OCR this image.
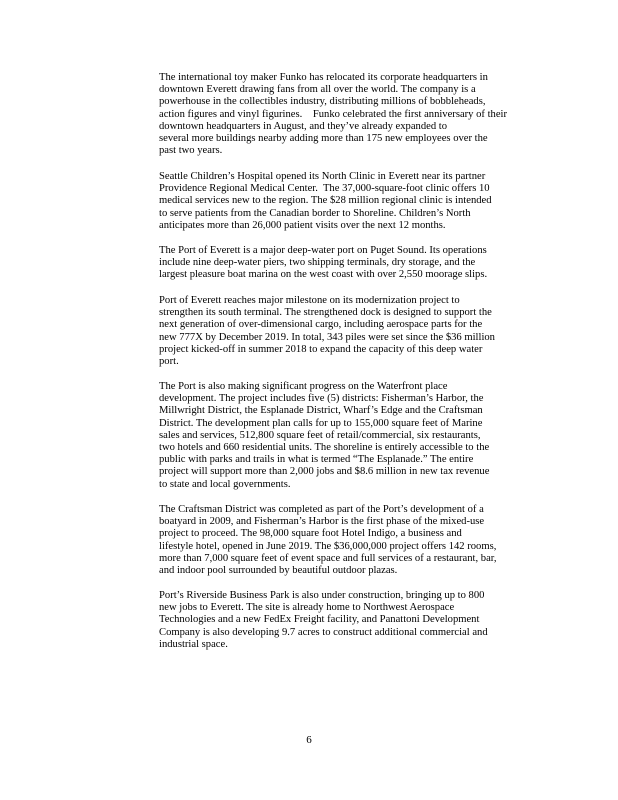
The international toy maker Funko has relocated its corporate headquarters in
downtown Everett drawing fans from all over the world. The company is a
powerhouse in the collectibles industry, distributing millions of bobbleheads,
action figures and vinyl figurines.    Funko celebrated the first anniversary of their
downtown headquarters in August, and they’ve already expanded to
several more buildings nearby adding more than 175 new employees over the
past two years.

Seattle Children’s Hospital opened its North Clinic in Everett near its partner
Providence Regional Medical Center.  The 37,000-square-foot clinic offers 10
medical services new to the region. The $28 million regional clinic is intended
to serve patients from the Canadian border to Shoreline. Children’s North
anticipates more than 26,000 patient visits over the next 12 months.

The Port of Everett is a major deep-water port on Puget Sound. Its operations
include nine deep-water piers, two shipping terminals, dry storage, and the
largest pleasure boat marina on the west coast with over 2,550 moorage slips.

Port of Everett reaches major milestone on its modernization project to
strengthen its south terminal. The strengthened dock is designed to support the
next generation of over-dimensional cargo, including aerospace parts for the
new 777X by December 2019. In total, 343 piles were set since the $36 million
project kicked-off in summer 2018 to expand the capacity of this deep water
port.

The Port is also making significant progress on the Waterfront place
development. The project includes five (5) districts: Fisherman’s Harbor, the
Millwright District, the Esplanade District, Wharf’s Edge and the Craftsman
District. The development plan calls for up to 155,000 square feet of Marine
sales and services, 512,800 square feet of retail/commercial, six restaurants,
two hotels and 660 residential units. The shoreline is entirely accessible to the
public with parks and trails in what is termed “The Esplanade.” The entire
project will support more than 2,000 jobs and $8.6 million in new tax revenue
to state and local governments.

The Craftsman District was completed as part of the Port’s development of a
boatyard in 2009, and Fisherman’s Harbor is the first phase of the mixed-use
project to proceed. The 98,000 square foot Hotel Indigo, a business and
lifestyle hotel, opened in June 2019. The $36,000,000 project offers 142 rooms,
more than 7,000 square feet of event space and full services of a restaurant, bar,
and indoor pool surrounded by beautiful outdoor plazas.

Port’s Riverside Business Park is also under construction, bringing up to 800
new jobs to Everett. The site is already home to Northwest Aerospace
Technologies and a new FedEx Freight facility, and Panattoni Development
Company is also developing 9.7 acres to construct additional commercial and
industrial space.

6
